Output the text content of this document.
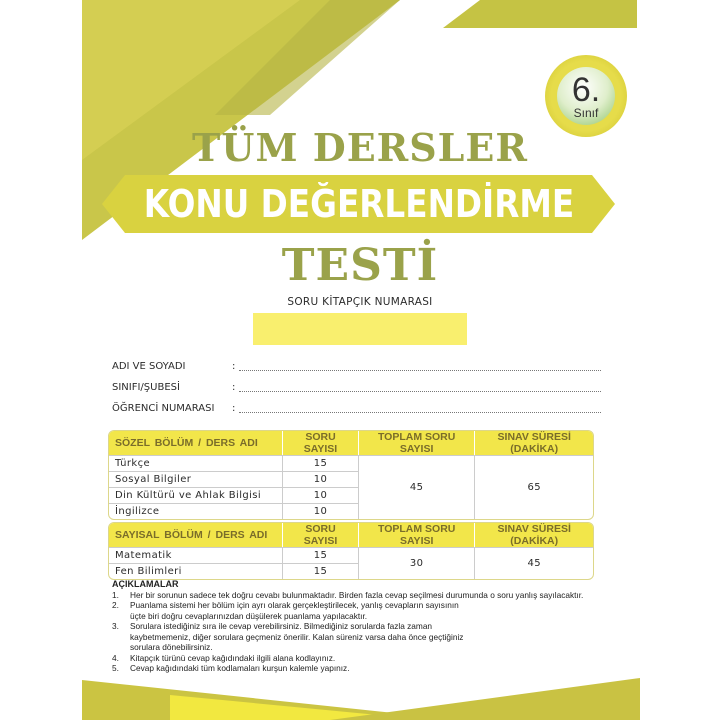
6.
Sınıf
TÜM DERSLER
KONU DEĞERLENDİRME
TESTİ
SORU KİTAPÇIK NUMARASI
ADI VE SOYADI	:
SINIFI/ŞUBESİ	:
ÖĞRENCİ NUMARASI	:
SÖZEL BÖLÜM / DERS ADI	SORU SAYISI	TOPLAM SORU SAYISI	SINAV SÜRESİ (DAKİKA)
Türkçe	15	45	65
Sosyal Bilgiler	10		
Din Kültürü ve Ahlak Bilgisi	10		
İngilizce	10		
SAYISAL BÖLÜM / DERS ADI	SORU SAYISI	TOPLAM SORU SAYISI	SINAV SÜRESİ (DAKİKA)
Matematik	15	30	45
Fen Bilimleri	15		
AÇIKLAMALAR
1.	Her bir sorunun sadece tek doğru cevabı bulunmaktadır. Birden fazla cevap seçilmesi durumunda o soru yanlış sayılacaktır.
2.	Puanlama sistemi her bölüm için ayrı olarak gerçekleştirilecek, yanlış cevapların sayısının üçte biri doğru cevaplarınızdan düşülerek puanlama yapılacaktır.
3.	Sorulara istediğiniz sıra ile cevap verebilirsiniz. Bilmediğiniz sorularda fazla zaman kaybetmemeniz, diğer sorulara geçmeniz önerilir. Kalan süreniz varsa daha önce geçtiğiniz sorulara dönebilirsiniz.
4.	Kitapçık türünü cevap kağıdındaki ilgili alana kodlayınız.
5.	Cevap kağıdındaki tüm kodlamaları kurşun kalemle yapınız.
